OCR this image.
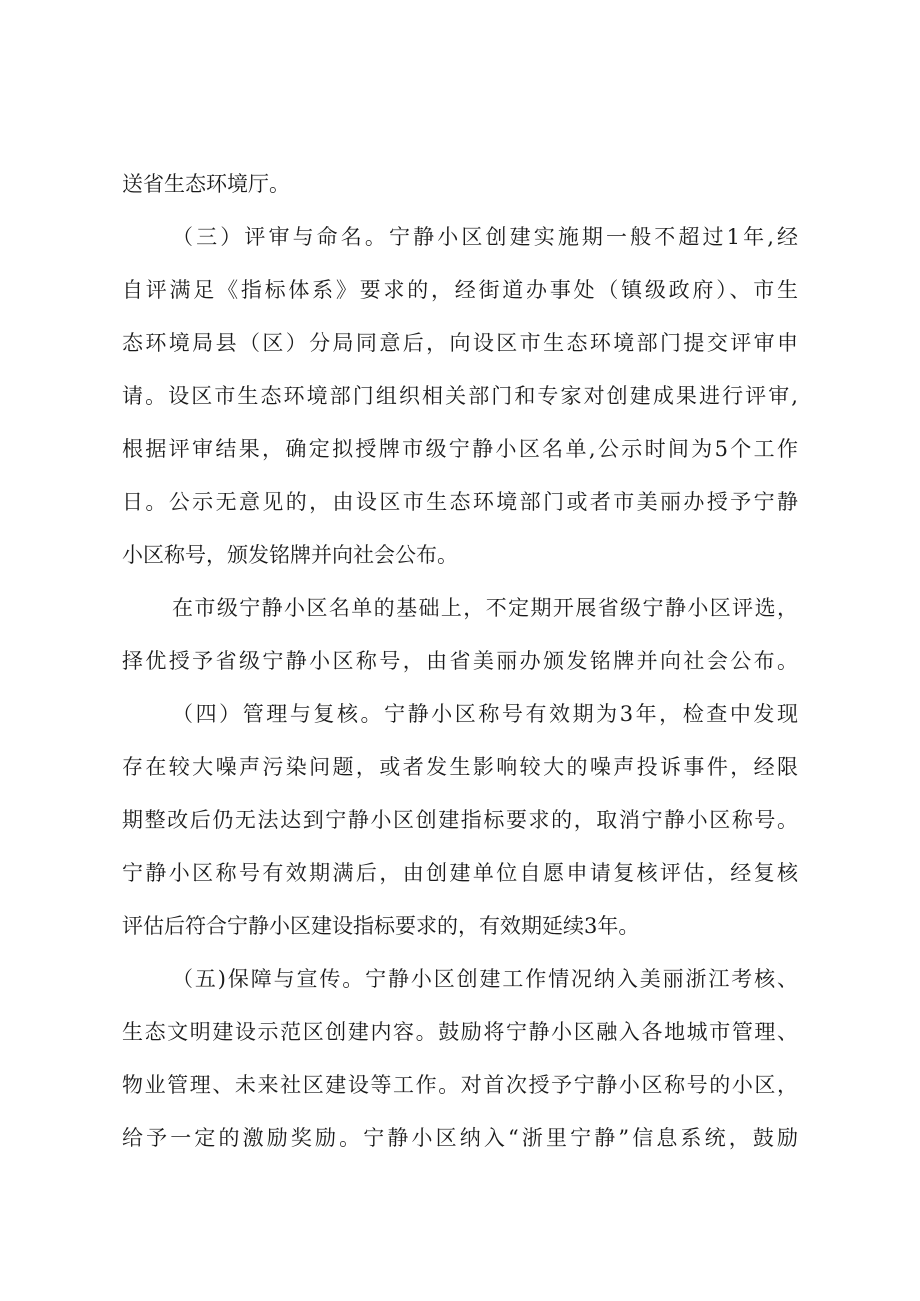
送省生态环境厅。
（三）评审与命名。宁静小区创建实施期一般不超过1年,经
自评满足《指标体系》要求的，经街道办事处（镇级政府）、市生
态环境局县（区）分局同意后，向设区市生态环境部门提交评审申
请。设区市生态环境部门组织相关部门和专家对创建成果进行评审,
根据评审结果，确定拟授牌市级宁静小区名单,公示时间为5个工作
日。公示无意见的，由设区市生态环境部门或者市美丽办授予宁静
小区称号，颁发铭牌并向社会公布。
在市级宁静小区名单的基础上，不定期开展省级宁静小区评选，
择优授予省级宁静小区称号，由省美丽办颁发铭牌并向社会公布。
（四）管理与复核。宁静小区称号有效期为3年，检查中发现
存在较大噪声污染问题，或者发生影响较大的噪声投诉事件，经限
期整改后仍无法达到宁静小区创建指标要求的，取消宁静小区称号。
宁静小区称号有效期满后，由创建单位自愿申请复核评估，经复核
评估后符合宁静小区建设指标要求的，有效期延续3年。
（五)保障与宣传。宁静小区创建工作情况纳入美丽浙江考核、
生态文明建设示范区创建内容。鼓励将宁静小区融入各地城市管理、
物业管理、未来社区建设等工作。对首次授予宁静小区称号的小区，
给予一定的激励奖励。宁静小区纳入“浙里宁静”信息系统，鼓励
